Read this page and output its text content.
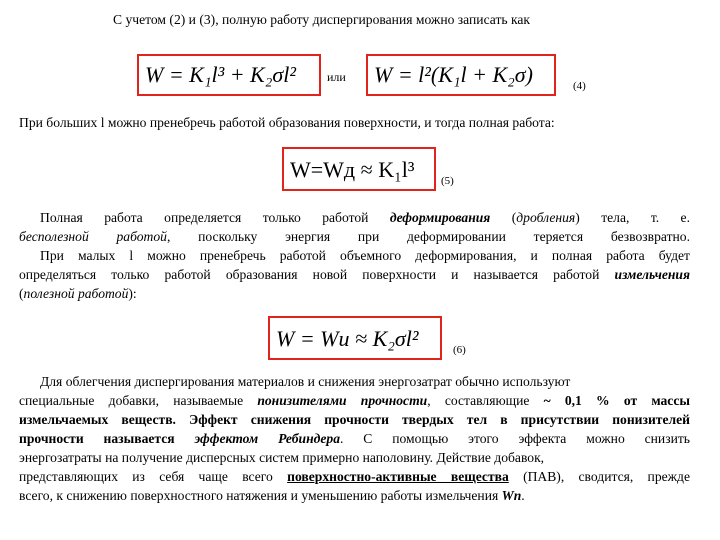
С учетом (2) и (3), полную работу диспергирования можно записать как
W = K₁l³ + K₂σl²	или W = l²(K₁l + K₂σ)	(4)
При больших l можно пренебречь работой образования поверхности, и тогда полная работа:
W=Wд ≈ K₁l³ (5)
Полная работа определяется только работой деформирования (дробления) тела, т. е.
бесполезной работой, поскольку энергия при деформировании теряется безвозвратно.
При малых l можно пренебречь работой объемного деформирования, и полная работа будет
определяться только работой образования новой поверхности и называется работой измельчения
(полезной работой):
W = Wи ≈ K₂σl²	(6)
Для облегчения диспергирования материалов и снижения энергозатрат обычно используют
специальные добавки, называемые понизителями прочности, составляющие ~ 0,1 % от массы
измельчаемых веществ. Эффект снижения прочности твердых тел в присутствии понизителей
прочности называется эффектом Ребиндера. С помощью этого эффекта можно снизить
энергозатраты на получение дисперсных систем примерно наполовину. Действие добавок,
представляющих из себя чаще всего поверхностно-активные вещества (ПАВ), сводится, прежде
всего, к снижению поверхностного натяжения и уменьшению работы измельчения Wп.
